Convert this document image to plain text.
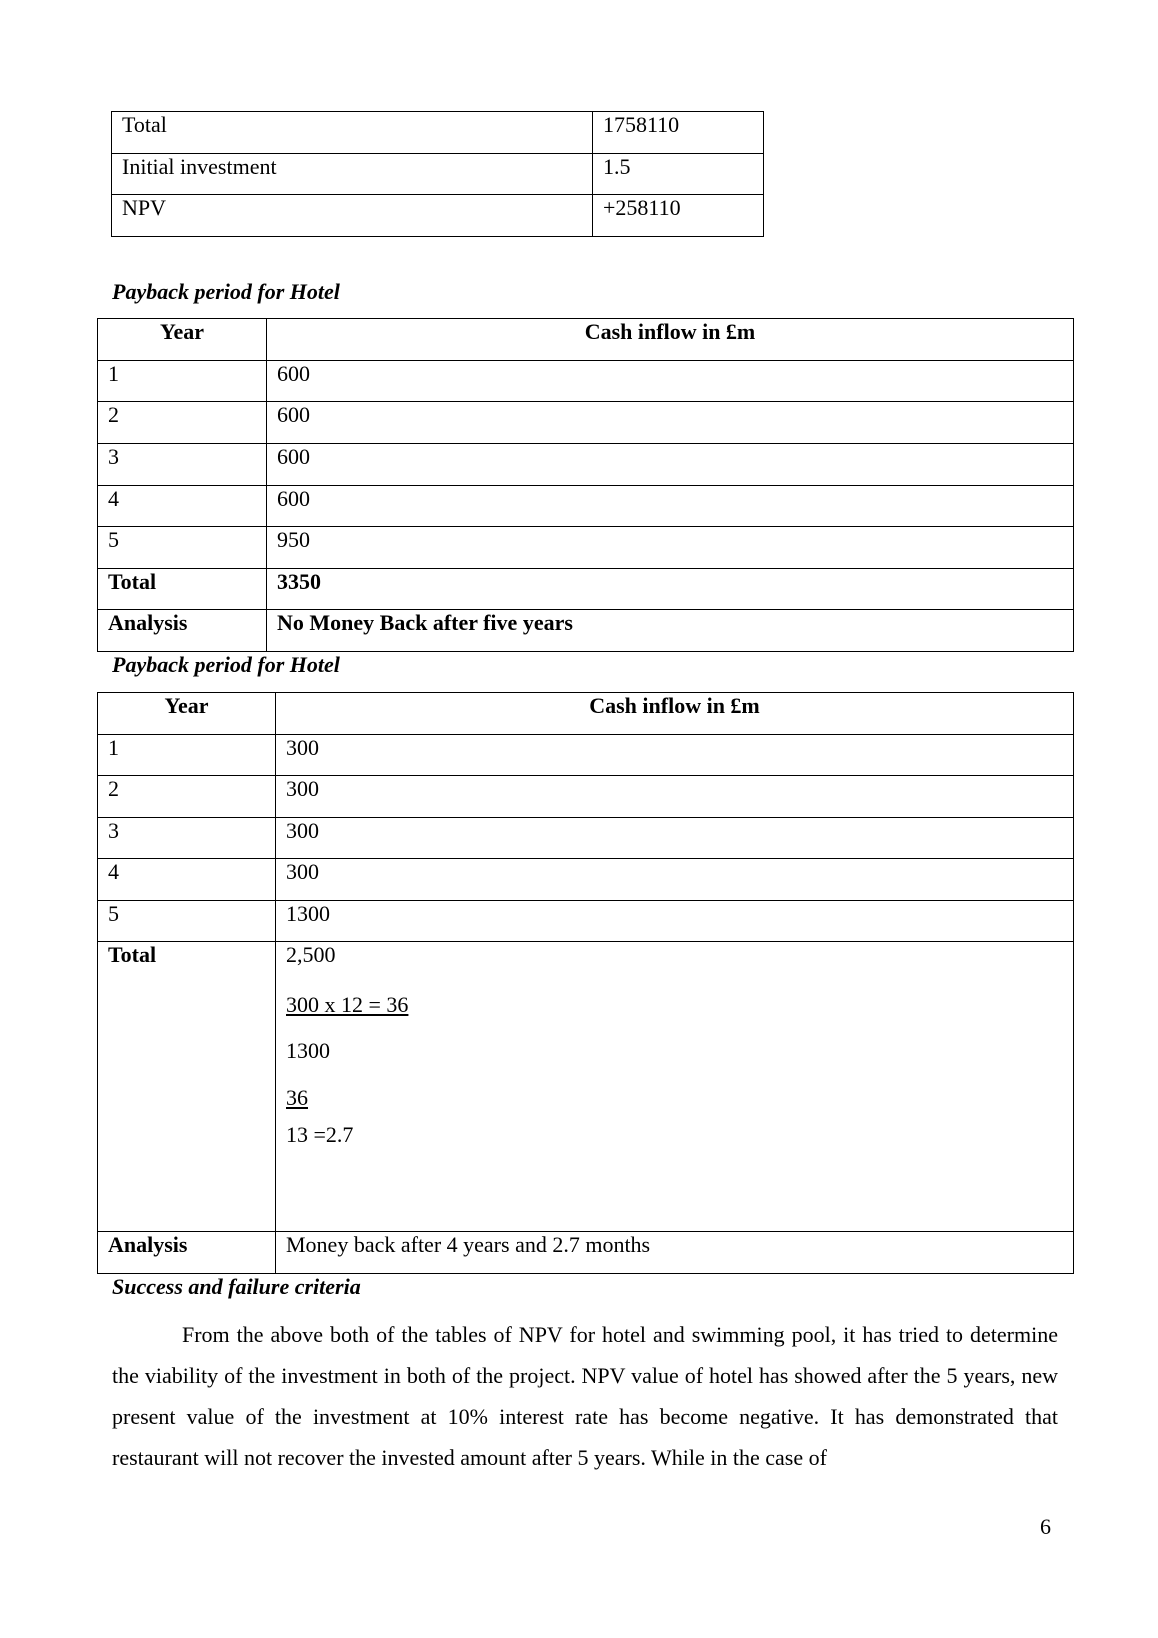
Total	1758110
Initial investment	1.5
NPV	+258110
Payback period for Hotel
Year	Cash inflow in £m
1	600
2	600
3	600
4	600
5	950
Total	3350
Analysis	No Money Back after five years
Payback period for Hotel
Year	Cash inflow in £m
1	300
2	300
3	300
4	300
5	1300
Total	2,500
300 x 12 = 36
1300
36
13 =2.7

Analysis	Money back after 4 years and 2.7 months
Success and failure criteria
From the above both of the tables of NPV for hotel and swimming pool, it has tried to determine the viability of the investment in both of the project. NPV value of hotel has showed after the 5 years, new present value of the investment at 10% interest rate has become negative. It has demonstrated that restaurant will not recover the invested amount after 5 years. While in the case of
6
